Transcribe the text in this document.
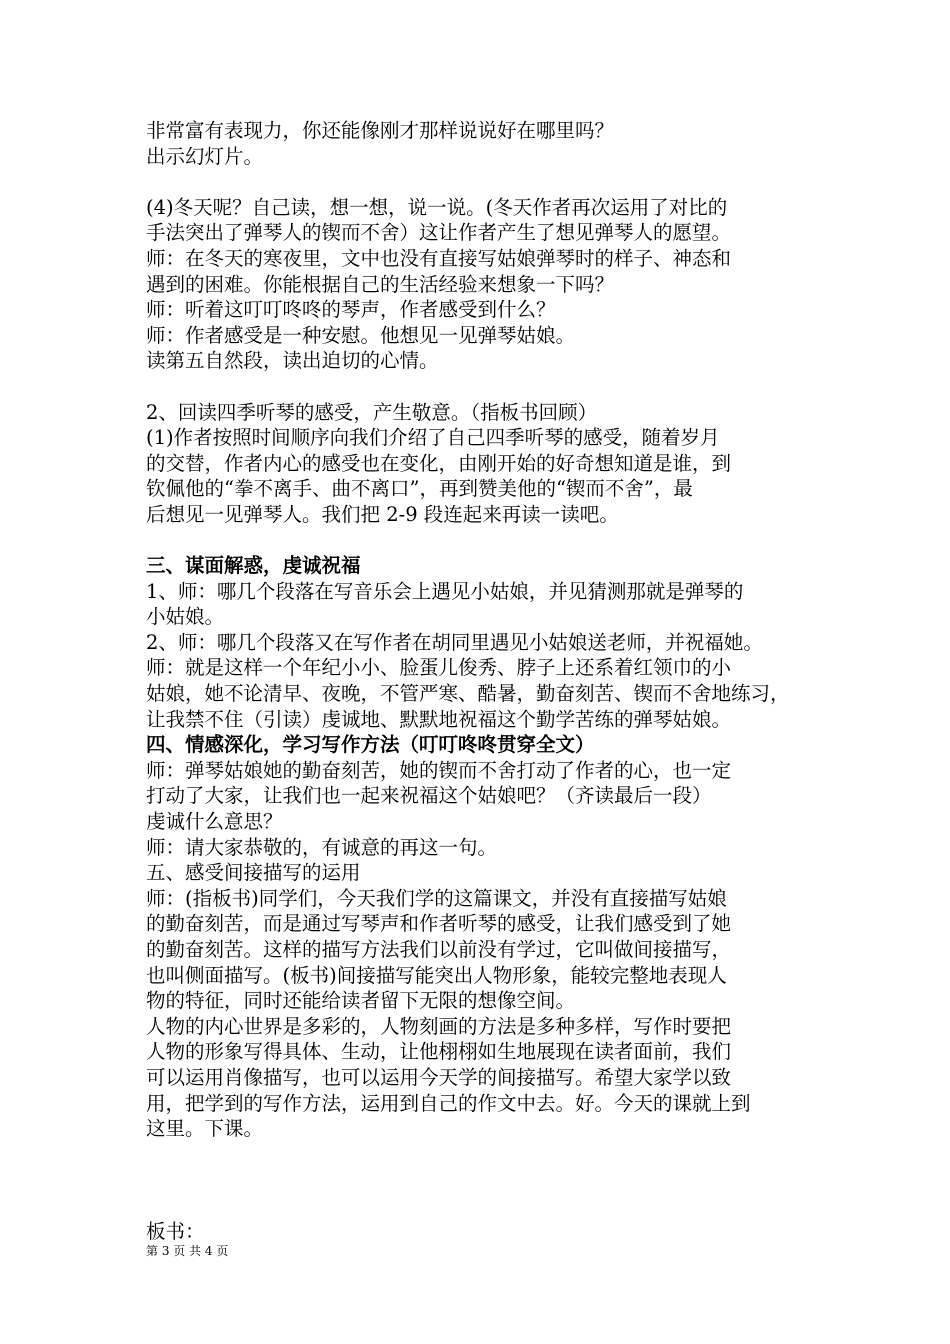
非常富有表现力，你还能像刚才那样说说好在哪里吗？
出示幻灯片。
(4)冬天呢？自己读，想一想，说一说。(冬天作者再次运用了对比的
手法突出了弹琴人的锲而不舍）这让作者产生了想见弹琴人的愿望。
师：在冬天的寒夜里，文中也没有直接写姑娘弹琴时的样子、神态和
遇到的困难。你能根据自己的生活经验来想象一下吗？
师：听着这叮叮咚咚的琴声，作者感受到什么？
师：作者感受是一种安慰。他想见一见弹琴姑娘。
读第五自然段，读出迫切的心情。
2、回读四季听琴的感受，产生敬意。（指板书回顾）
(1)作者按照时间顺序向我们介绍了自己四季听琴的感受，随着岁月
的交替，作者内心的感受也在变化，由刚开始的好奇想知道是谁，到
钦佩他的“拳不离手、曲不离口”，再到赞美他的“锲而不舍”，最
后想见一见弹琴人。我们把 2-9 段连起来再读一读吧。
三、谋面解惑，虔诚祝福
1、师：哪几个段落在写音乐会上遇见小姑娘，并见猜测那就是弹琴的
小姑娘。
2、师：哪几个段落又在写作者在胡同里遇见小姑娘送老师，并祝福她。
师：就是这样一个年纪小小、脸蛋儿俊秀、脖子上还系着红领巾的小
姑娘，她不论清早、夜晚，不管严寒、酷暑，勤奋刻苦、锲而不舍地练习，
让我禁不住（引读）虔诚地、默默地祝福这个勤学苦练的弹琴姑娘。
四、情感深化，学习写作方法（叮叮咚咚贯穿全文）
师：弹琴姑娘她的勤奋刻苦，她的锲而不舍打动了作者的心，也一定
打动了大家，让我们也一起来祝福这个姑娘吧？（齐读最后一段）
虔诚什么意思？
师：请大家恭敬的，有诚意的再这一句。
五、感受间接描写的运用
师：(指板书)同学们，今天我们学的这篇课文，并没有直接描写姑娘
的勤奋刻苦，而是通过写琴声和作者听琴的感受，让我们感受到了她
的勤奋刻苦。这样的描写方法我们以前没有学过，它叫做间接描写，
也叫侧面描写。(板书)间接描写能突出人物形象，能较完整地表现人
物的特征，同时还能给读者留下无限的想像空间。
人物的内心世界是多彩的，人物刻画的方法是多种多样，写作时要把
人物的形象写得具体、生动，让他栩栩如生地展现在读者面前，我们
可以运用肖像描写，也可以运用今天学的间接描写。希望大家学以致
用，把学到的写作方法，运用到自己的作文中去。好。今天的课就上到
这里。下课。
板书：
第 3 页 共 4 页
